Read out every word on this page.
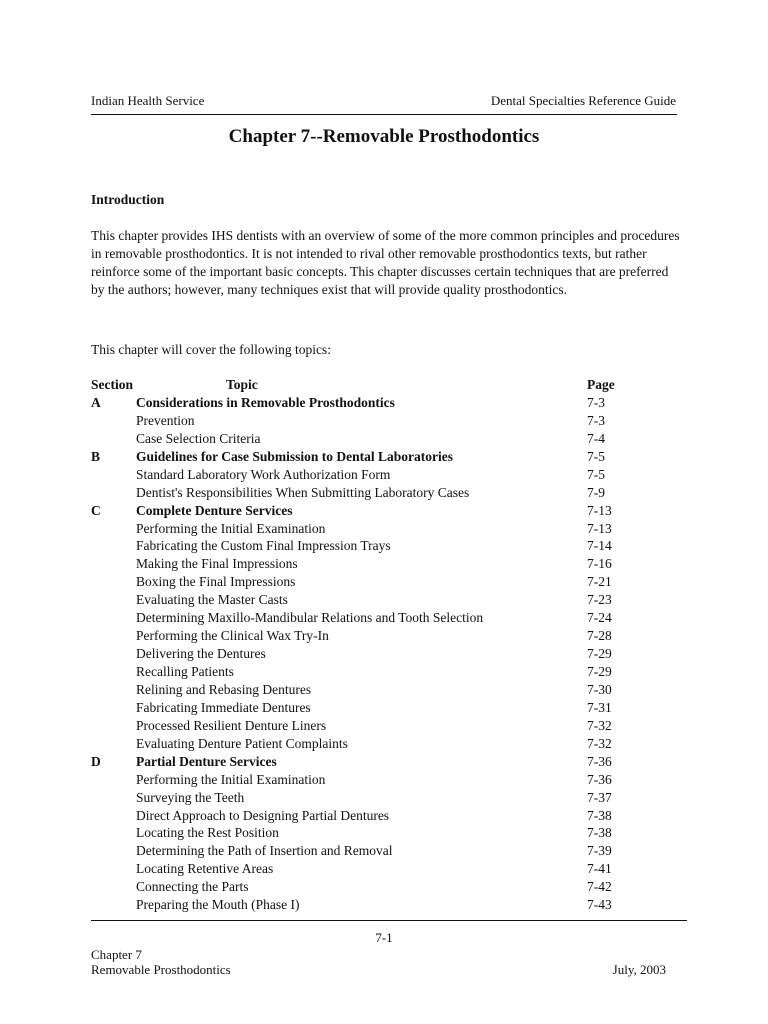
Indian Health Service	Dental Specialties Reference Guide
Chapter 7--Removable Prosthodontics
Introduction
This chapter provides IHS dentists with an overview of some of the more common principles and procedures in removable prosthodontics. It is not intended to rival other removable prosthodontics texts, but rather reinforce some of the important basic concepts. This chapter discusses certain techniques that are preferred by the authors; however, many techniques exist that will provide quality prosthodontics.
This chapter will cover the following topics:
Section	Topic	Page
A	Considerations in Removable Prosthodontics	7-3
Prevention	7-3
Case Selection Criteria	7-4
B	Guidelines for Case Submission to Dental Laboratories	7-5
Standard Laboratory Work Authorization Form	7-5
Dentist's Responsibilities When Submitting Laboratory Cases	7-9
C	Complete Denture Services	7-13
Performing the Initial Examination	7-13
Fabricating the Custom Final Impression Trays	7-14
Making the Final Impressions	7-16
Boxing the Final Impressions	7-21
Evaluating the Master Casts	7-23
Determining Maxillo-Mandibular Relations and Tooth Selection	7-24
Performing the Clinical Wax Try-In	7-28
Delivering the Dentures	7-29
Recalling Patients	7-29
Relining and Rebasing Dentures	7-30
Fabricating Immediate Dentures	7-31
Processed Resilient Denture Liners	7-32
Evaluating Denture Patient Complaints	7-32
D	Partial Denture Services	7-36
Performing the Initial Examination	7-36
Surveying the Teeth	7-37
Direct Approach to Designing Partial Dentures	7-38
Locating the Rest Position	7-38
Determining the Path of Insertion and Removal	7-39
Locating Retentive Areas	7-41
Connecting the Parts	7-42
Preparing the Mouth (Phase I)	7-43
7-1
Chapter 7
Removable Prosthodontics	July, 2003
